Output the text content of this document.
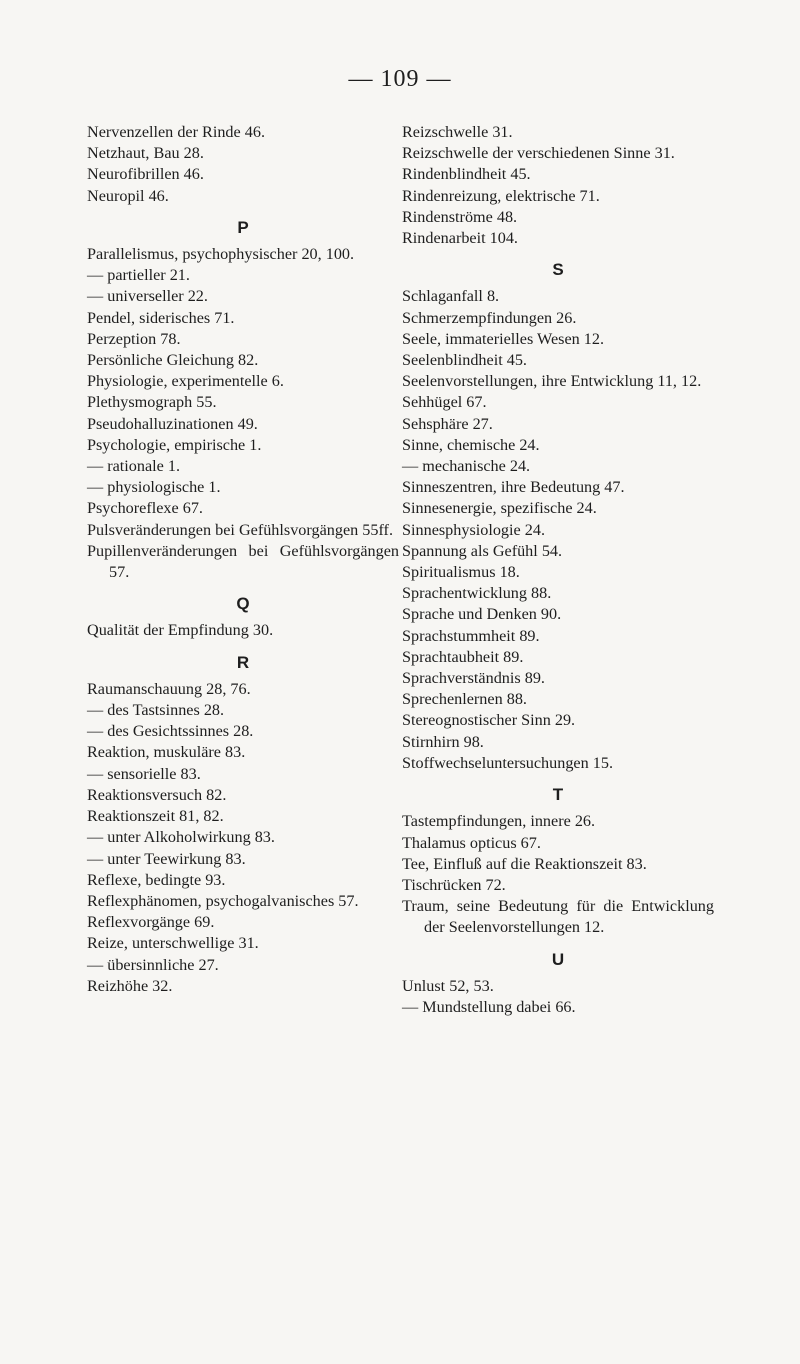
— 109 —
Nervenzellen der Rinde 46.
Netzhaut, Bau 28.
Neurofibrillen 46.
Neuropil 46.
P
Parallelismus, psychophysischer 20, 100.
— partieller 21.
— universeller 22.
Pendel, siderisches 71.
Perzeption 78.
Persönliche Gleichung 82.
Physiologie, experimentelle 6.
Plethysmograph 55.
Pseudohalluzinationen 49.
Psychologie, empirische 1.
— rationale 1.
— physiologische 1.
Psychoreflexe 67.
Pulsveränderungen bei Gefühlsvorgängen 55ff.
Pupillenveränderungen bei Gefühlsvorgängen 57.
Q
Qualität der Empfindung 30.
R
Raumanschauung 28, 76.
— des Tastsinnes 28.
— des Gesichtssinnes 28.
Reaktion, muskuläre 83.
— sensorielle 83.
Reaktionsversuch 82.
Reaktionszeit 81, 82.
— unter Alkoholwirkung 83.
— unter Teewirkung 83.
Reflexe, bedingte 93.
Reflexphänomen, psychogalvanisches 57.
Reflexvorgänge 69.
Reize, unterschwellige 31.
— übersinnliche 27.
Reizhöhe 32.
Reizschwelle 31.
Reizschwelle der verschiedenen Sinne 31.
Rindenblindheit 45.
Rindenreizung, elektrische 71.
Rindenströme 48.
Rindenarbeit 104.
S
Schlaganfall 8.
Schmerzempfindungen 26.
Seele, immaterielles Wesen 12.
Seelenblindheit 45.
Seelenvorstellungen, ihre Entwicklung 11, 12.
Sehhügel 67.
Sehsphäre 27.
Sinne, chemische 24.
— mechanische 24.
Sinneszentren, ihre Bedeutung 47.
Sinnesenergie, spezifische 24.
Sinnesphysiologie 24.
Spannung als Gefühl 54.
Spiritualismus 18.
Sprachentwicklung 88.
Sprache und Denken 90.
Sprachstummheit 89.
Sprachtaubheit 89.
Sprachverständnis 89.
Sprechenlernen 88.
Stereognostischer Sinn 29.
Stirnhirn 98.
Stoffwechseluntersuchungen 15.
T
Tastempfindungen, innere 26.
Thalamus opticus 67.
Tee, Einfluß auf die Reaktionszeit 83.
Tischrücken 72.
Traum, seine Bedeutung für die Entwicklung der Seelenvorstellungen 12.
U
Unlust 52, 53.
— Mundstellung dabei 66.
